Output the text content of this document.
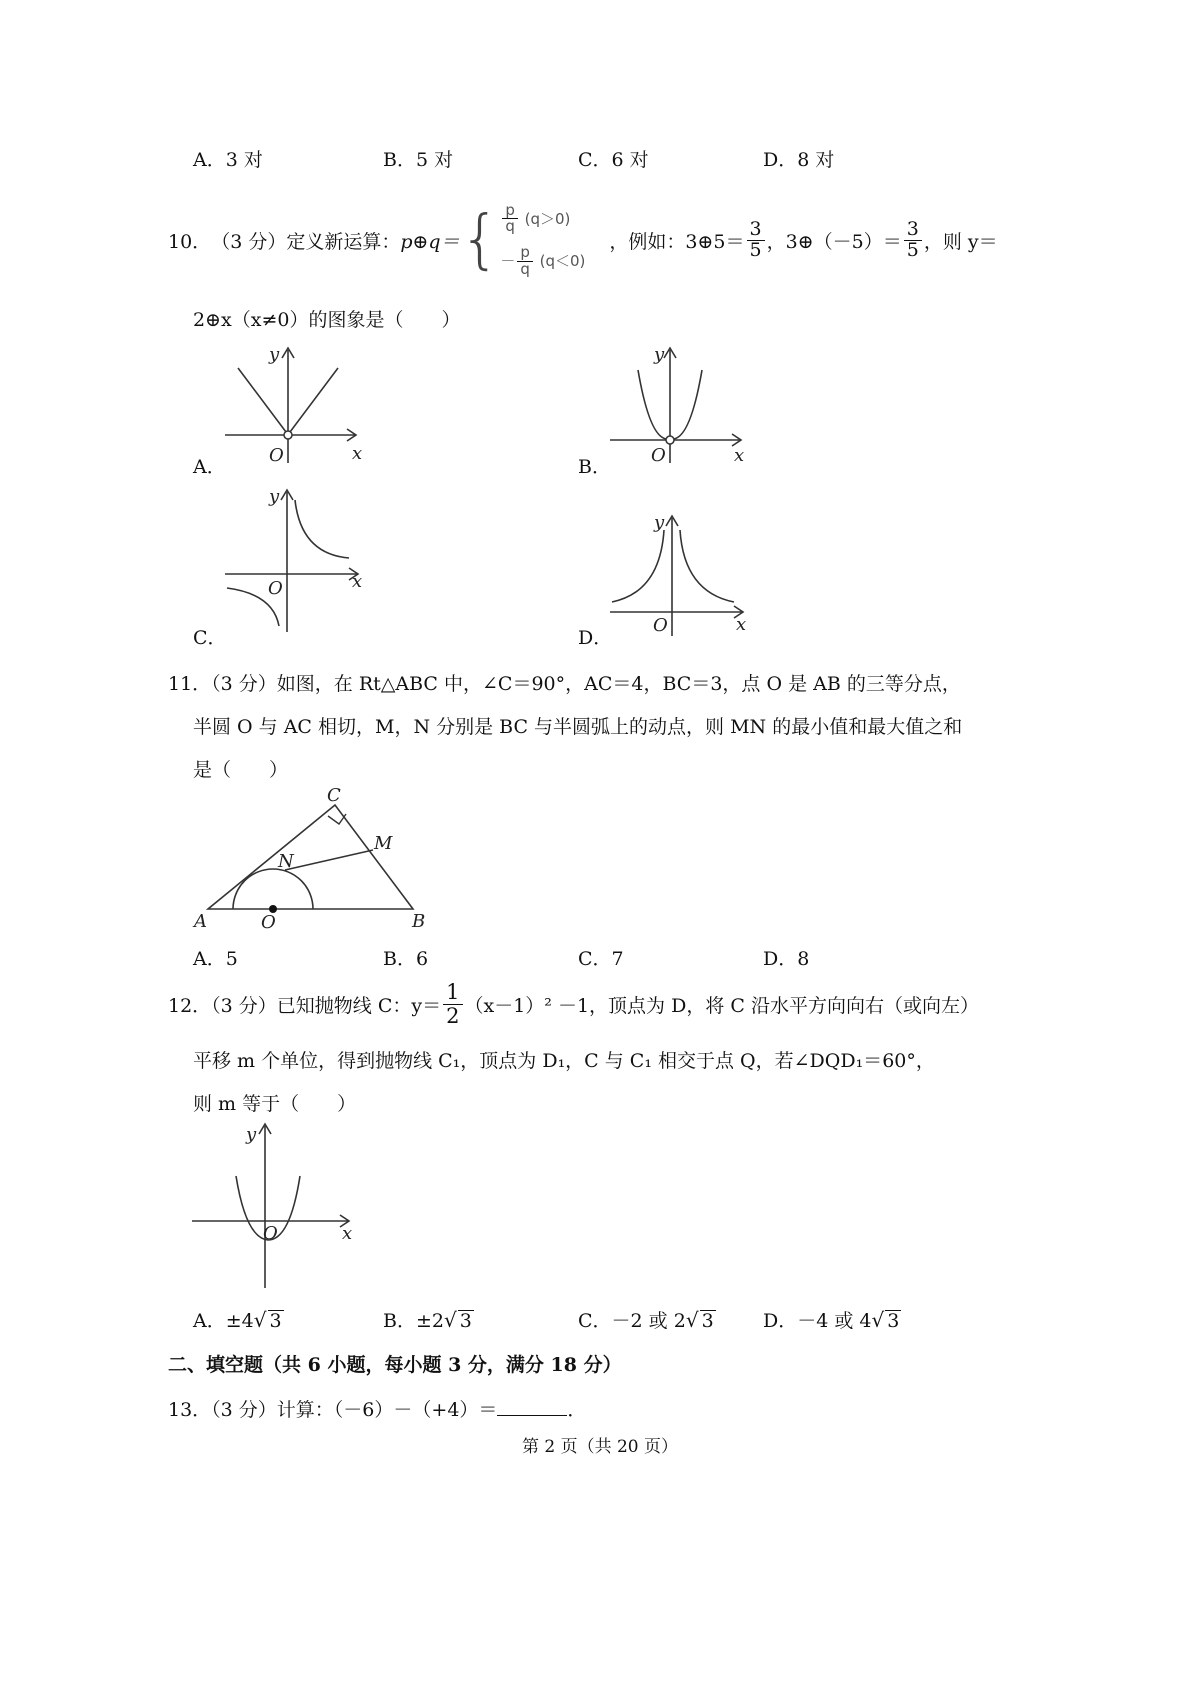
A．3 对	B．5 对	C．6 对	D．8 对
10． （3 分） 定义新运算： p⊕q＝ { $\frac{p}{q} (q>0)$
－ $\frac{p}{q} (q<0)$
，例如：3⊕5＝ $\frac{3}{5}$ ，3⊕（－5）＝ $\frac{3}{5}$ ，则 y＝
2⊕x（x≠0）的图象是（　　）
y
O	x
A．
y
O	x
B．
y
O	x
C．
y
O	x
D．
11．（3 分）如图，在 Rt△ABC 中，∠C＝90°，AC＝4，BC＝3，点 O 是 AB 的三等分点，
半圆 O 与 AC 相切，M，N 分别是 BC 与半圆弧上的动点，则 MN 的最小值和最大值之和
是（　　）
A	B
C
M
N
O
A．5	B．6	C．7	D．8
12．（3 分）已知抛物线 C：$y= \frac{1}{2} (x-1)^2 -1$，顶点为 D，将 C 沿水平方向向右（或向左）
平移 m 个单位，得到抛物线 C₁，顶点为 D₁，C 与 C₁ 相交于点 Q，若∠DQD₁＝60°，
则 m 等于（　　）
y
O	x
A．±4√ 3	B．±2√ 3	C．－2 或 2√ 3	D．－4 或 4√ 3
二、填空题（共 6 小题，每小题 3 分，满分 18 分）
13．（3 分）计算：（－6）－（+4）＝	．
第 2 页（共 20 页）
